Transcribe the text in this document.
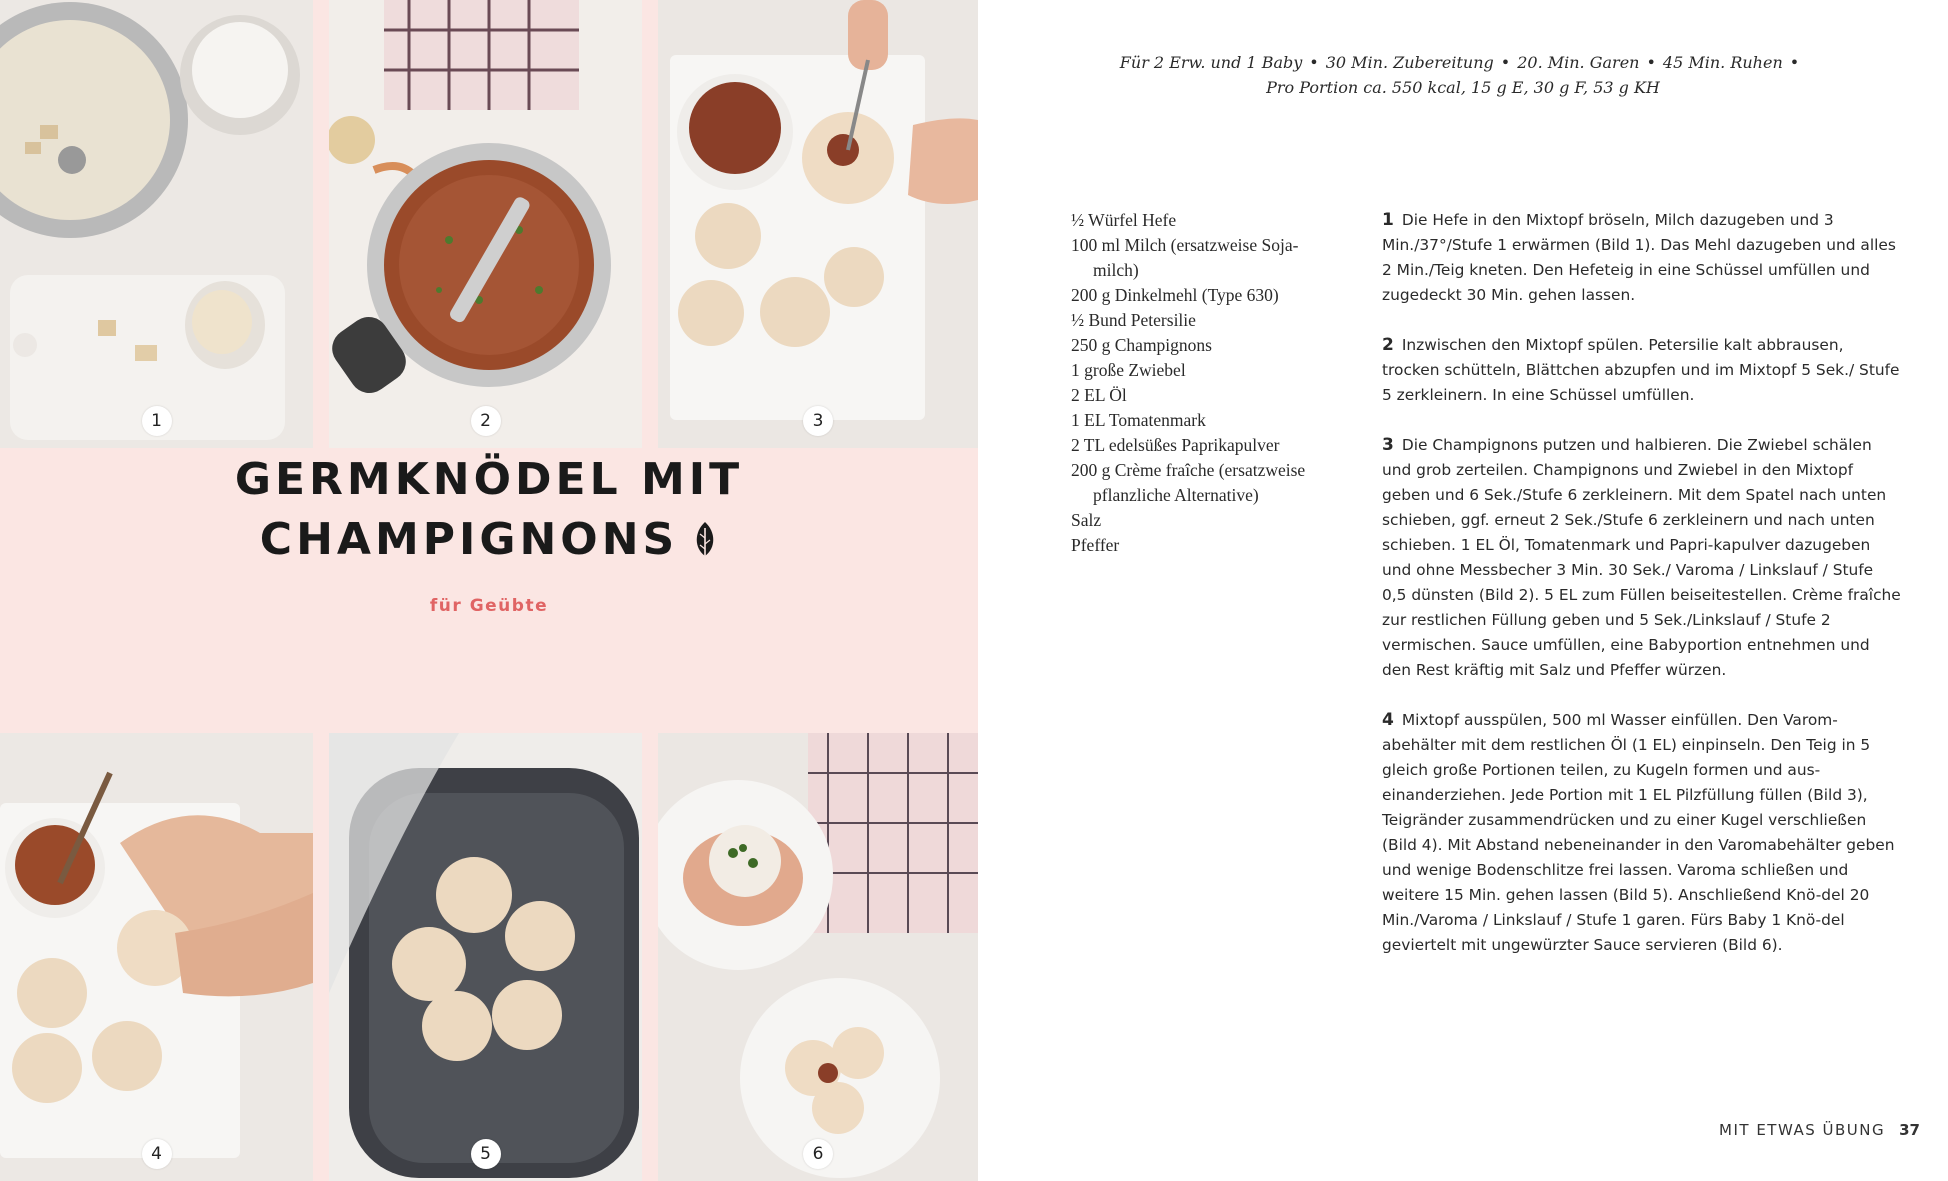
1	2	3
4	5	6
GERMKNÖDEL MIT

CHAMPIGNONS
für Geübte
Für 2 Erw. und 1 Baby • 30 Min. Zubereitung • 20. Min. Garen • 45 Min. Ruhen •
Pro Portion ca. 550 kcal, 15 g E, 30 g F, 53 g KH
½ Würfel Hefe
100 ml Milch (ersatzweise Soja-milch)
200 g Dinkelmehl (Type 630)
½ Bund Petersilie
250 g Champignons
1 große Zwiebel
2 EL Öl
1 EL Tomatenmark
2 TL edelsüßes Paprikapulver
200 g Crème fraîche (ersatzweise pflanzliche Alternative)
Salz
Pfeffer

1 Die Hefe in den Mixtopf bröseln, Milch dazugeben und 3 Min./37°/Stufe 1 erwärmen (Bild 1). Das Mehl dazugeben und alles 2 Min./Teig kneten. Den Hefeteig in eine Schüssel umfüllen und zugedeckt 30 Min. gehen lassen.

2 Inzwischen den Mixtopf spülen. Petersilie kalt abbrausen, trocken schütteln, Blättchen abzupfen und im Mixtopf 5 Sek./ Stufe 5 zerkleinern. In eine Schüssel umfüllen.

3 Die Champignons putzen und halbieren. Die Zwiebel schälen und grob zerteilen. Champignons und Zwiebel in den Mixtopf geben und 6 Sek./Stufe 6 zerkleinern. Mit dem Spatel nach unten schieben, ggf. erneut 2 Sek./Stufe 6 zerkleinern und nach unten schieben. 1 EL Öl, Tomatenmark und Papri-kapulver dazugeben und ohne Messbecher 3 Min. 30 Sek./ Varoma / Linkslauf / Stufe 0,5 dünsten (Bild 2). 5 EL zum Füllen beiseitestellen. Crème fraîche zur restlichen Füllung geben und 5 Sek./Linkslauf / Stufe 2 vermischen. Sauce umfüllen, eine Babyportion entnehmen und den Rest kräftig mit Salz und Pfeffer würzen.

4 Mixtopf ausspülen, 500 ml Wasser einfüllen. Den Varom-abehälter mit dem restlichen Öl (1 EL) einpinseln. Den Teig in 5 gleich große Portionen teilen, zu Kugeln formen und aus-einanderziehen. Jede Portion mit 1 EL Pilzfüllung füllen (Bild 3), Teigränder zusammendrücken und zu einer Kugel verschließen (Bild 4). Mit Abstand nebeneinander in den Varomabehälter geben und wenige Bodenschlitze frei lassen. Varoma schließen und weitere 15 Min. gehen lassen (Bild 5). Anschließend Knö-del 20 Min./Varoma / Linkslauf / Stufe 1 garen. Fürs Baby 1 Knö-del geviertelt mit ungewürzter Sauce servieren (Bild 6).

MIT ETWAS ÜBUNG 37
